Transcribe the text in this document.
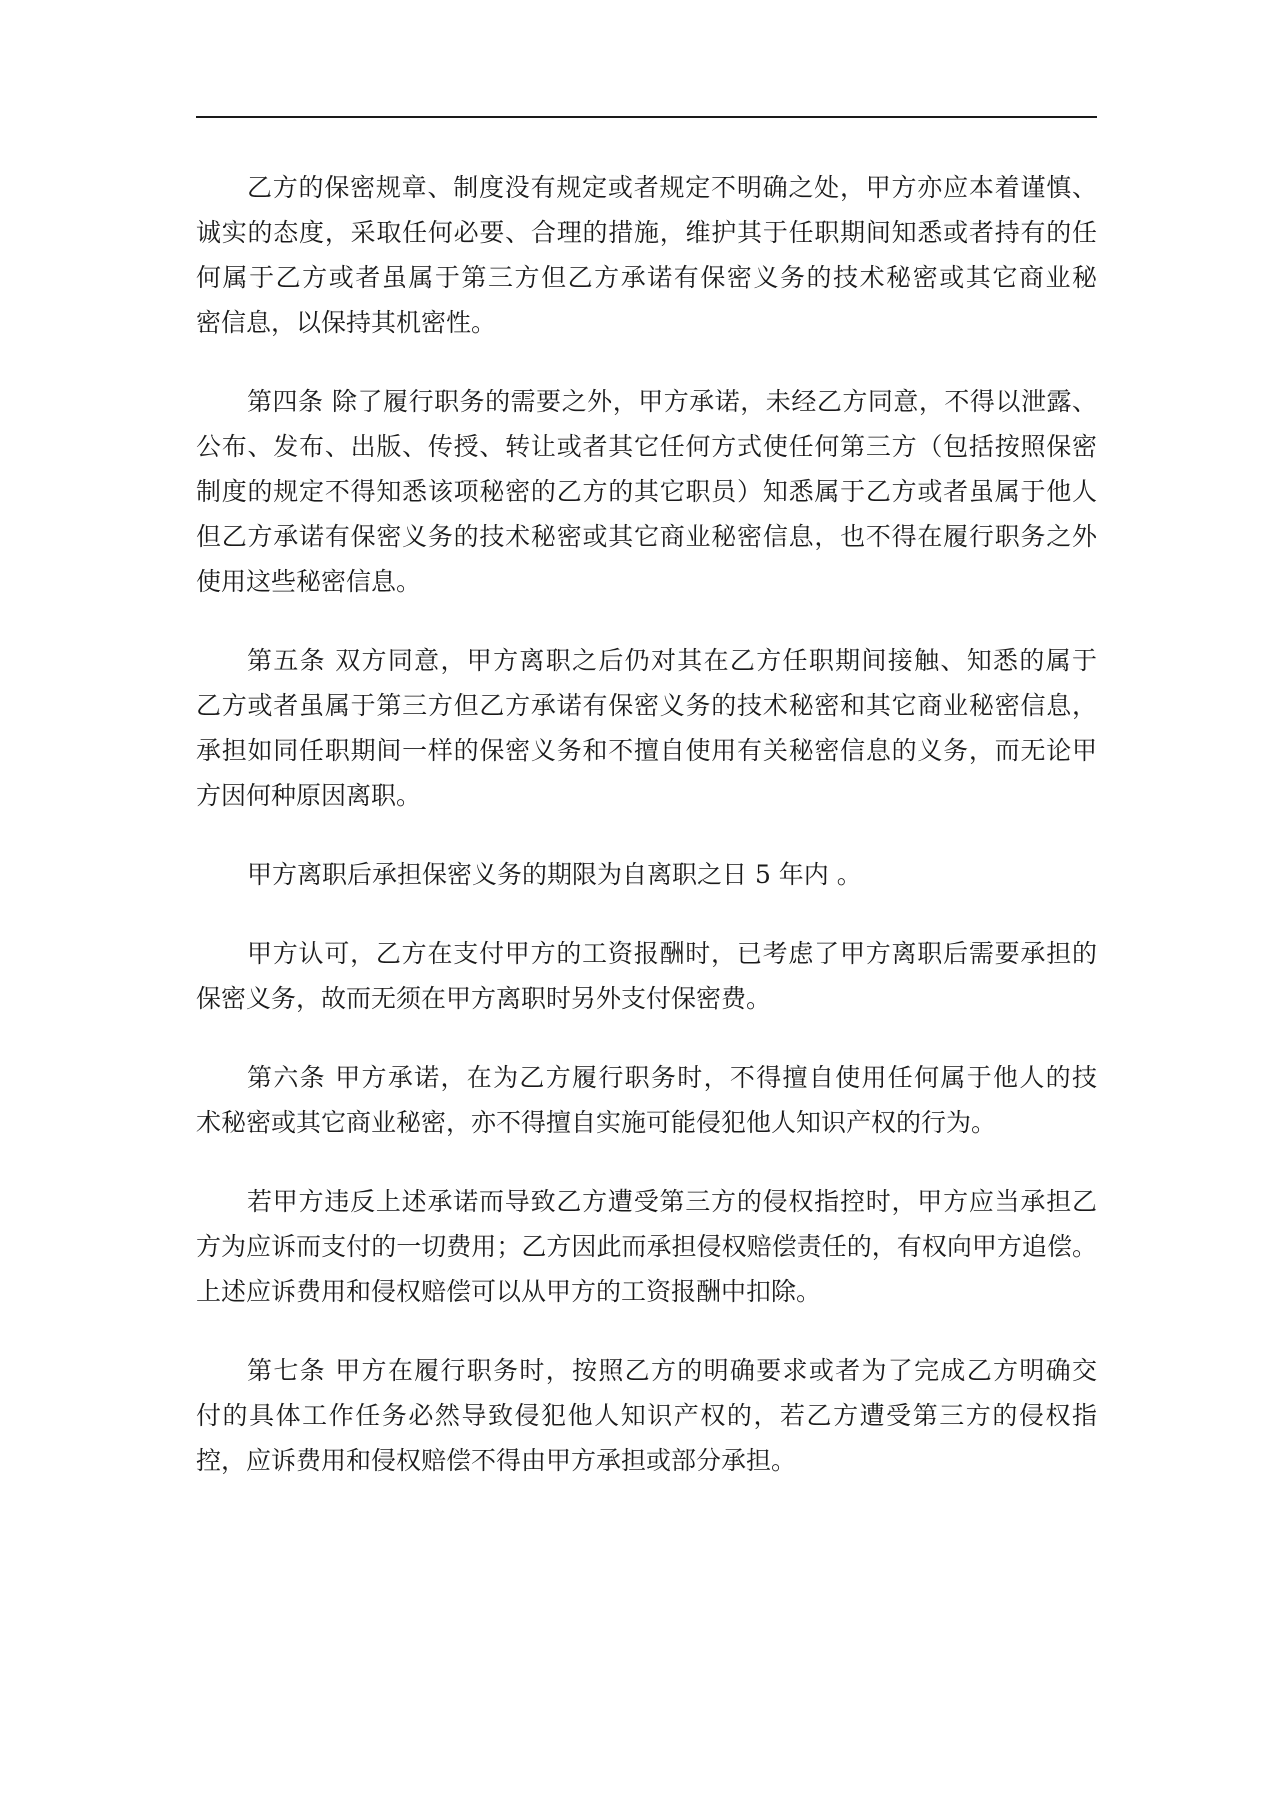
乙方的保密规章、制度没有规定或者规定不明确之处，甲方亦应本着谨慎、
诚实的态度，采取任何必要、合理的措施，维护其于任职期间知悉或者持有的任
何属于乙方或者虽属于第三方但乙方承诺有保密义务的技术秘密或其它商业秘
密信息，以保持其机密性。

第四条 除了履行职务的需要之外，甲方承诺，未经乙方同意，不得以泄露、
公布、发布、出版、传授、转让或者其它任何方式使任何第三方（包括按照保密
制度的规定不得知悉该项秘密的乙方的其它职员）知悉属于乙方或者虽属于他人
但乙方承诺有保密义务的技术秘密或其它商业秘密信息，也不得在履行职务之外
使用这些秘密信息。

第五条 双方同意，甲方离职之后仍对其在乙方任职期间接触、知悉的属于
乙方或者虽属于第三方但乙方承诺有保密义务的技术秘密和其它商业秘密信息，
承担如同任职期间一样的保密义务和不擅自使用有关秘密信息的义务，而无论甲
方因何种原因离职。

甲方离职后承担保密义务的期限为自离职之日 5 年内 。

甲方认可，乙方在支付甲方的工资报酬时，已考虑了甲方离职后需要承担的
保密义务，故而无须在甲方离职时另外支付保密费。

第六条 甲方承诺，在为乙方履行职务时，不得擅自使用任何属于他人的技
术秘密或其它商业秘密，亦不得擅自实施可能侵犯他人知识产权的行为。

若甲方违反上述承诺而导致乙方遭受第三方的侵权指控时，甲方应当承担乙
方为应诉而支付的一切费用；乙方因此而承担侵权赔偿责任的，有权向甲方追偿。
上述应诉费用和侵权赔偿可以从甲方的工资报酬中扣除。

第七条 甲方在履行职务时，按照乙方的明确要求或者为了完成乙方明确交
付的具体工作任务必然导致侵犯他人知识产权的，若乙方遭受第三方的侵权指
控，应诉费用和侵权赔偿不得由甲方承担或部分承担。
